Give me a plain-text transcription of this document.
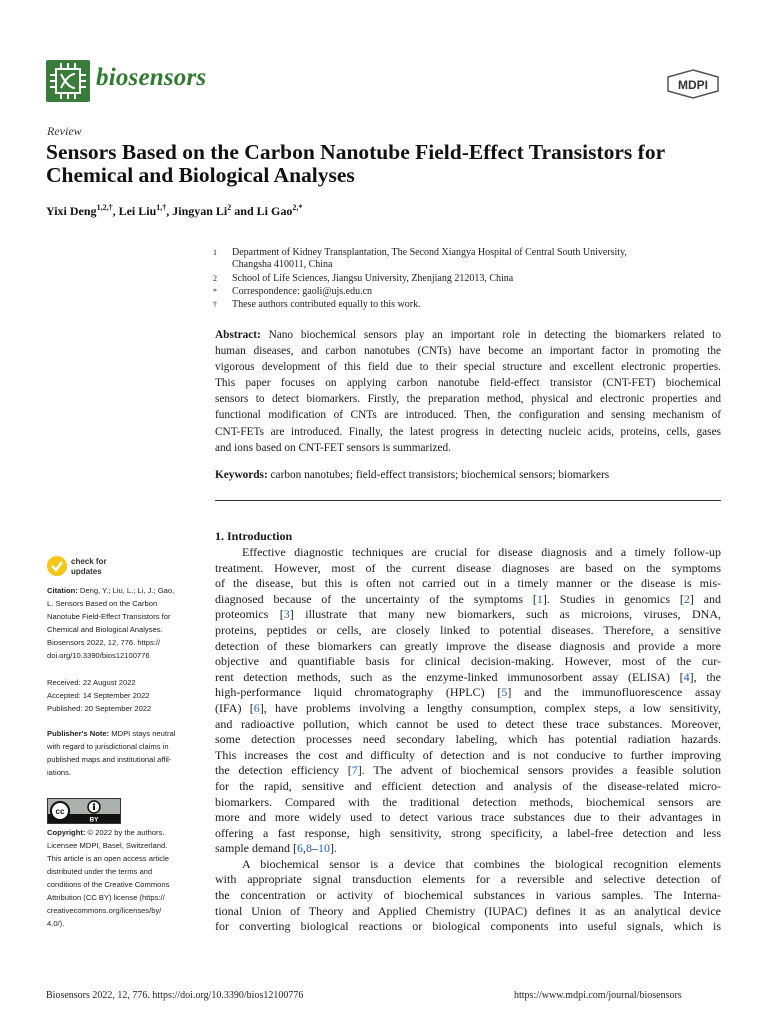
biosensors	MDPI
Review
Sensors Based on the Carbon Nanotube Field-Effect Transistors for Chemical and Biological Analyses
Yixi Deng$^{1,2,\dagger}$, Lei Liu$^{1,\dagger}$, Jingyan Li$^2$ and Li Gao$^{2,*}$
1	Department of Kidney Transplantation, The Second Xiangya Hospital of Central South University,
Changsha 410011, China
2	School of Life Sciences, Jiangsu University, Zhenjiang 212013, China
*	Correspondence: gaoli@ujs.edu.cn
†	These authors contributed equally to this work.
Abstract: Nano biochemical sensors play an important role in detecting the biomarkers related to
human diseases, and carbon nanotubes (CNTs) have become an important factor in promoting the
vigorous development of this field due to their special structure and excellent electronic properties.
This paper focuses on applying carbon nanotube field-effect transistor (CNT-FET) biochemical
sensors to detect biomarkers. Firstly, the preparation method, physical and electronic properties and
functional modification of CNTs are introduced. Then, the configuration and sensing mechanism of
CNT-FETs are introduced. Finally, the latest progress in detecting nucleic acids, proteins, cells, gases
and ions based on CNT-FET sensors is summarized.
Keywords: carbon nanotubes; field-effect transistors; biochemical sensors; biomarkers
1. Introduction
Effective diagnostic techniques are crucial for disease diagnosis and a timely follow-up
treatment. However, most of the current disease diagnoses are based on the symptoms
of the disease, but this is often not carried out in a timely manner or the disease is mis-
diagnosed because of the uncertainty of the symptoms [1]. Studies in genomics [2] and
proteomics [3] illustrate that many new biomarkers, such as microions, viruses, DNA,
proteins, peptides or cells, are closely linked to potential diseases. Therefore, a sensitive
detection of these biomarkers can greatly improve the disease diagnosis and provide a more
objective and quantifiable basis for clinical decision-making. However, most of the cur-
rent detection methods, such as the enzyme-linked immunosorbent assay (ELISA) [4], the
high-performance liquid chromatography (HPLC) [5] and the immunofluorescence assay
(IFA) [6], have problems involving a lengthy consumption, complex steps, a low sensitivity,
and radioactive pollution, which cannot be used to detect these trace substances. Moreover,
some detection processes need secondary labeling, which has potential radiation hazards.
This increases the cost and difficulty of detection and is not conducive to further improving
the detection efficiency [7]. The advent of biochemical sensors provides a feasible solution
for the rapid, sensitive and efficient detection and analysis of the disease-related micro-
biomarkers. Compared with the traditional detection methods, biochemical sensors are
more and more widely used to detect various trace substances due to their advantages in
offering a fast response, high sensitivity, strong specificity, a label-free detection and less
sample demand [6,8–10].
A biochemical sensor is a device that combines the biological recognition elements
with appropriate signal transduction elements for a reversible and selective detection of
the concentration or activity of biochemical substances in various samples. The Interna-
tional Union of Theory and Applied Chemistry (IUPAC) defines it as an analytical device
for converting biological reactions or biological components into useful signals, which is
check for
updates
Citation: Deng, Y.; Liu, L.; Li, J.; Gao,
L. Sensors Based on the Carbon
Nanotube Field-Effect Transistors for
Chemical and Biological Analyses.
Biosensors 2022, 12, 776. https://
doi.org/10.3390/bios12100776
Received: 22 August 2022
Accepted: 14 September 2022
Published: 20 September 2022
Publisher's Note: MDPI stays neutral
with regard to jurisdictional claims in
published maps and institutional affil-
iations.
cc
BY
Copyright: © 2022 by the authors.
Licensee MDPI, Basel, Switzerland.
This article is an open access article
distributed under the terms and
conditions of the Creative Commons
Attribution (CC BY) license (https://
creativecommons.org/licenses/by/
4.0/).
Biosensors 2022, 12, 776. https://doi.org/10.3390/bios12100776	https://www.mdpi.com/journal/biosensors
